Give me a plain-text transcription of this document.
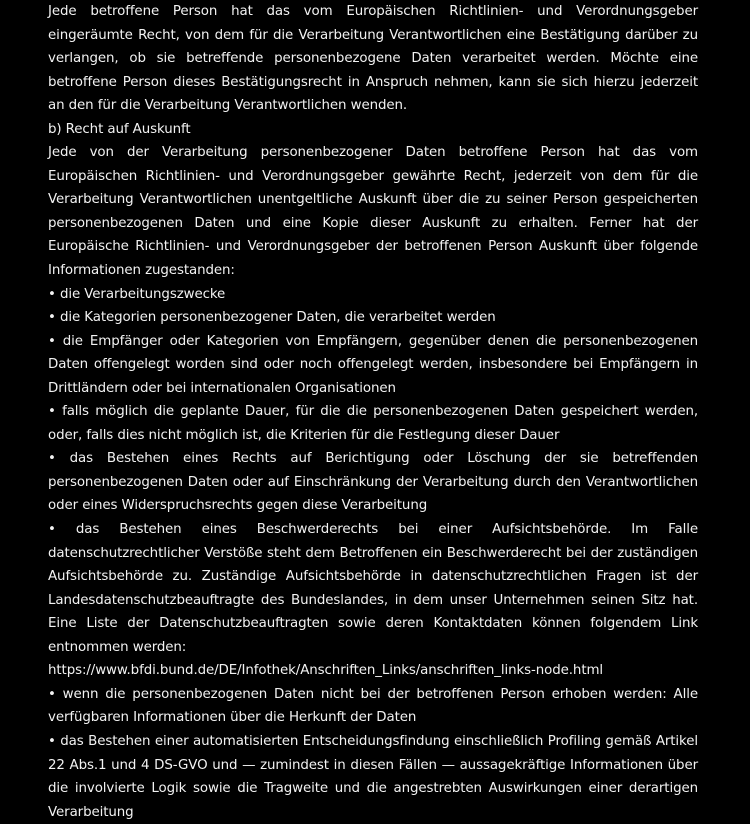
Jede betroffene Person hat das vom Europäischen Richtlinien- und Verordnungsgeber eingeräumte Recht, von dem für die Verarbeitung Verantwortlichen eine Bestätigung darüber zu verlangen, ob sie betreffende personenbezogene Daten verarbeitet werden. Möchte eine betroffene Person dieses Bestätigungsrecht in Anspruch nehmen, kann sie sich hierzu jederzeit an den für die Verarbeitung Verantwortlichen wenden.

b) Recht auf Auskunft

Jede von der Verarbeitung personenbezogener Daten betroffene Person hat das vom Europäischen Richtlinien- und Verordnungsgeber gewährte Recht, jederzeit von dem für die Verarbeitung Verantwortlichen unentgeltliche Auskunft über die zu seiner Person gespeicherten personenbezogenen Daten und eine Kopie dieser Auskunft zu erhalten. Ferner hat der Europäische Richtlinien- und Verordnungsgeber der betroffenen Person Auskunft über folgende Informationen zugestanden:

• die Verarbeitungszwecke

• die Kategorien personenbezogener Daten, die verarbeitet werden

• die Empfänger oder Kategorien von Empfängern, gegenüber denen die personenbezogenen Daten offengelegt worden sind oder noch offengelegt werden, insbesondere bei Empfängern in Drittländern oder bei internationalen Organisationen

• falls möglich die geplante Dauer, für die die personenbezogenen Daten gespeichert werden, oder, falls dies nicht möglich ist, die Kriterien für die Festlegung dieser Dauer

• das Bestehen eines Rechts auf Berichtigung oder Löschung der sie betreffenden personenbezogenen Daten oder auf Einschränkung der Verarbeitung durch den Verantwortlichen oder eines Widerspruchsrechts gegen diese Verarbeitung

• das Bestehen eines Beschwerderechts bei einer Aufsichtsbehörde. Im Falle datenschutzrechtlicher Verstöße steht dem Betroffenen ein Beschwerderecht bei der zuständigen Aufsichtsbehörde zu. Zuständige Aufsichtsbehörde in datenschutzrechtlichen Fragen ist der Landesdatenschutzbeauftragte des Bundeslandes, in dem unser Unternehmen seinen Sitz hat. Eine Liste der Datenschutzbeauftragten sowie deren Kontaktdaten können folgendem Link entnommen werden:

https://www.bfdi.bund.de/DE/Infothek/Anschriften_Links/anschriften_links-node.html

• wenn die personenbezogenen Daten nicht bei der betroffenen Person erhoben werden: Alle verfügbaren Informationen über die Herkunft der Daten

• das Bestehen einer automatisierten Entscheidungsfindung einschließlich Profiling gemäß Artikel 22 Abs.1 und 4 DS-GVO und — zumindest in diesen Fällen — aussagekräftige Informationen über die involvierte Logik sowie die Tragweite und die angestrebten Auswirkungen einer derartigen Verarbeitung
